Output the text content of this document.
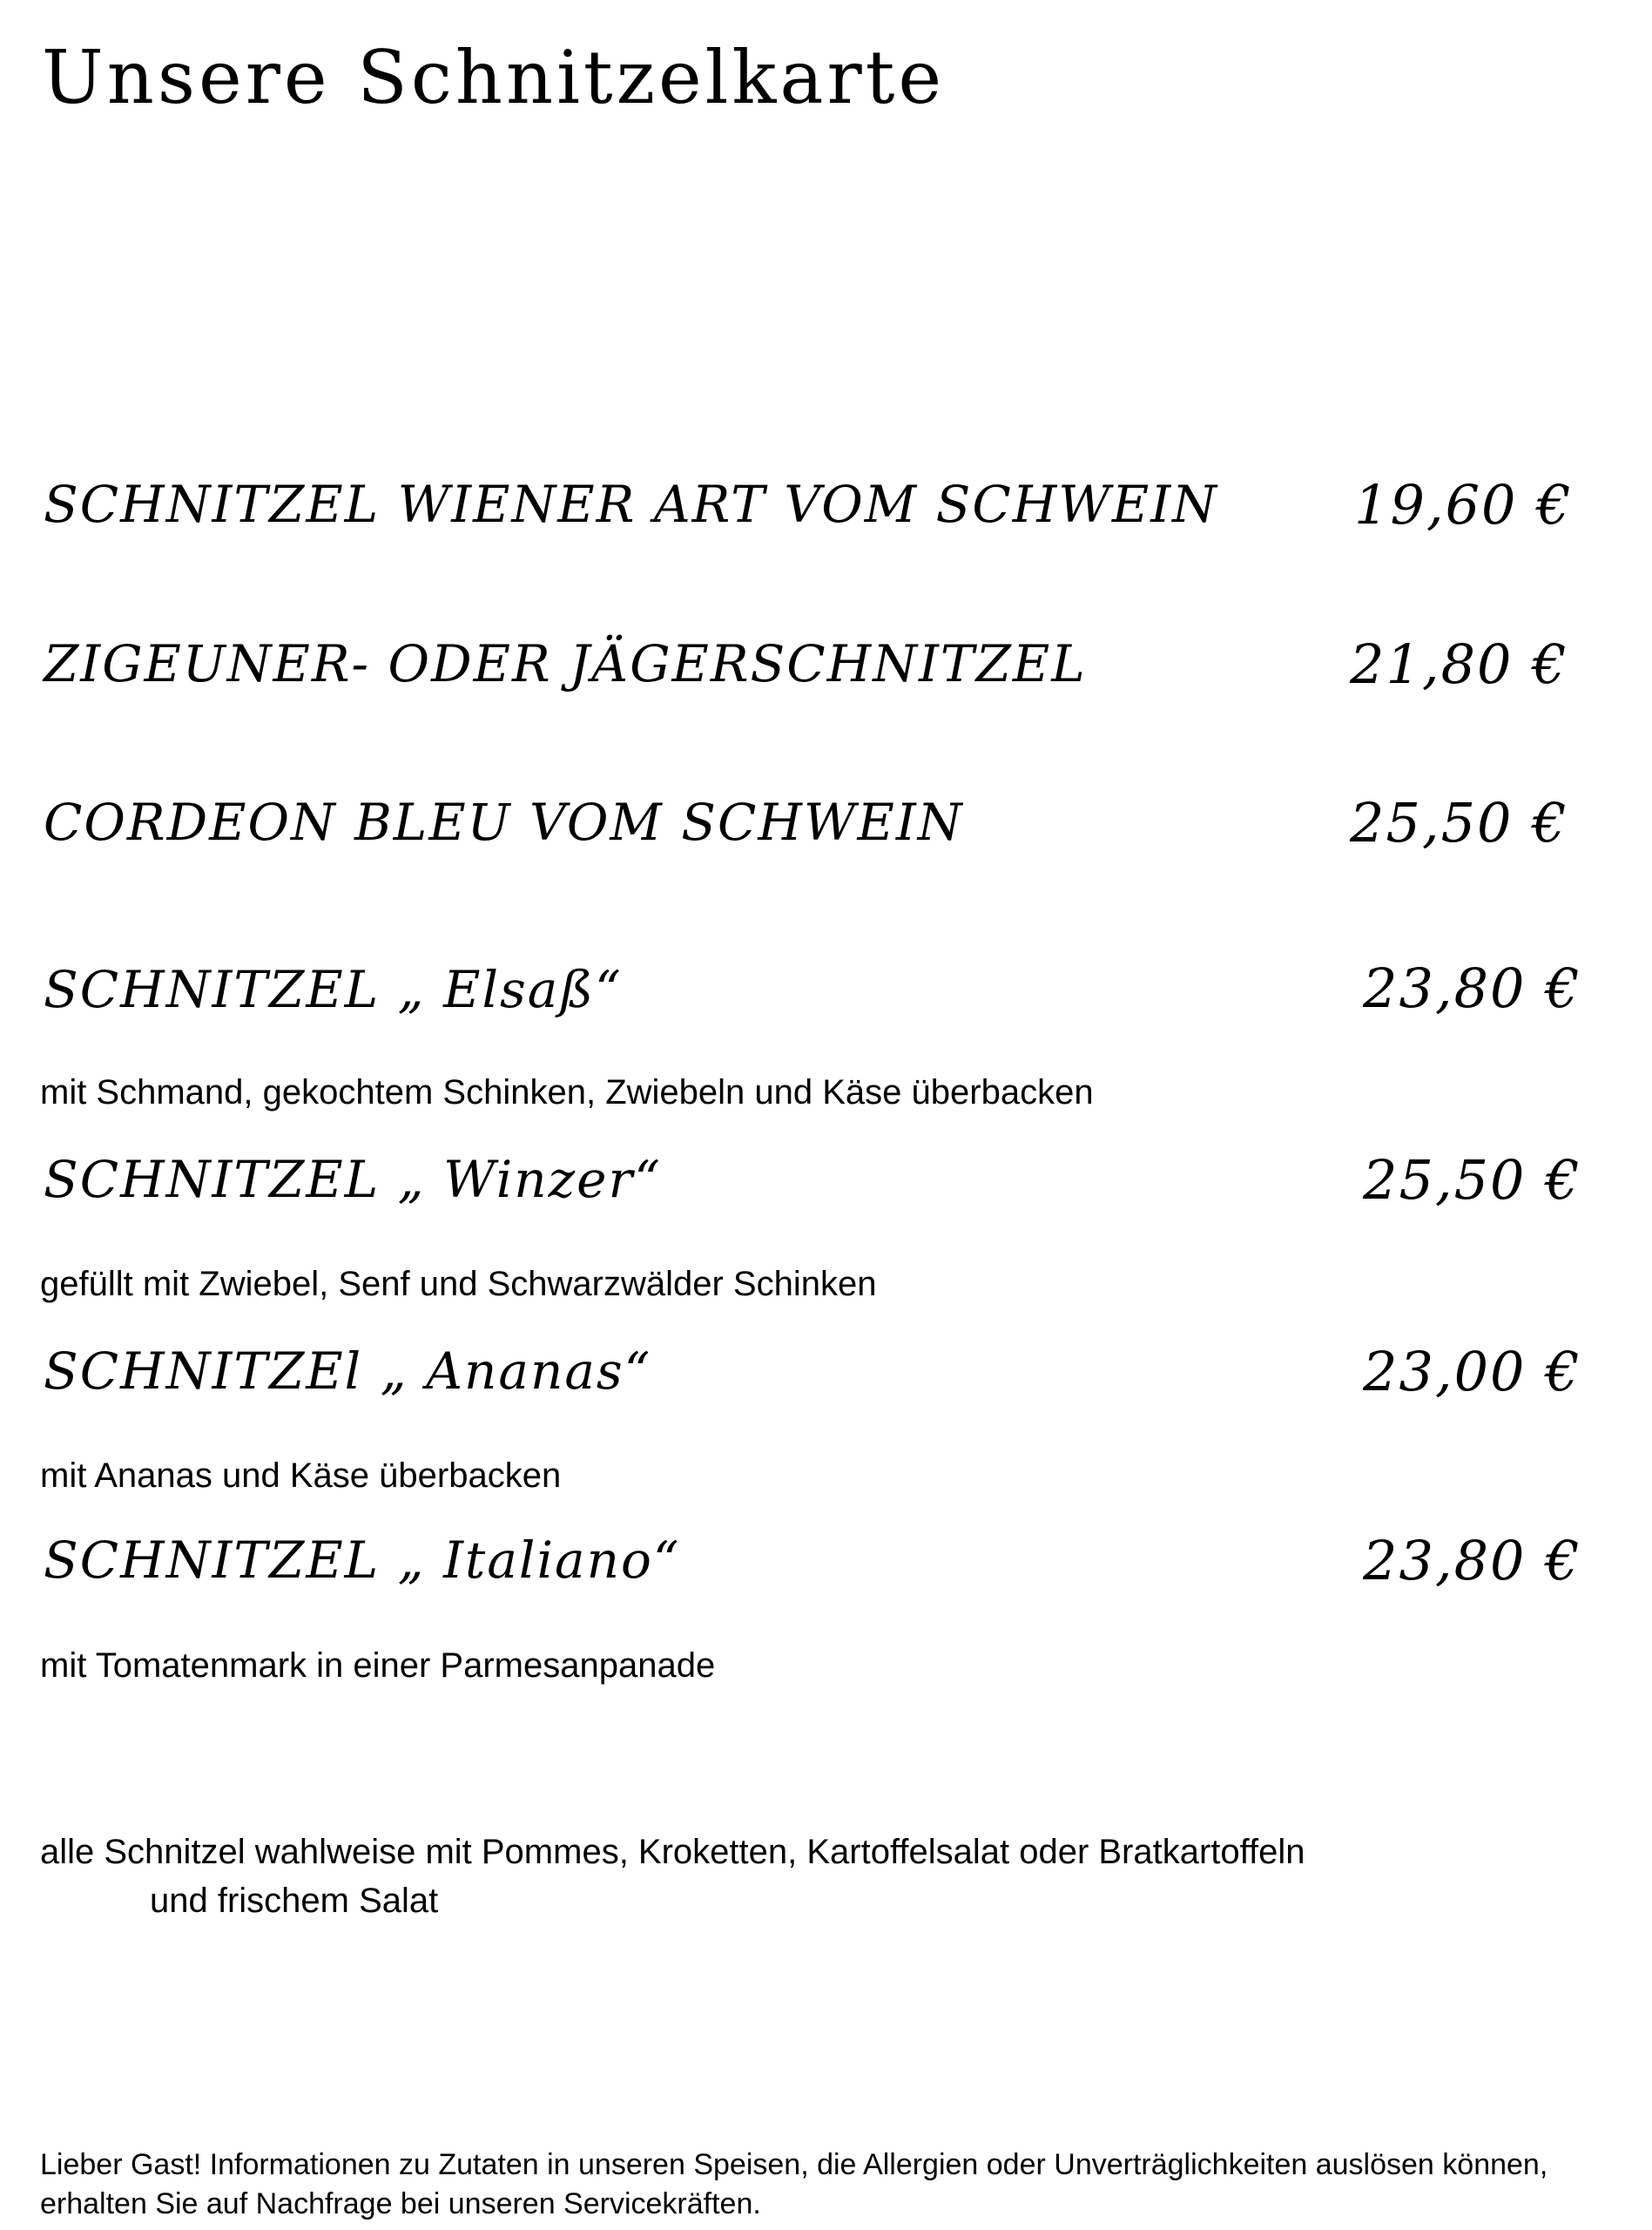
Unsere Schnitzelkarte
SCHNITZEL WIENER ART VOM SCHWEIN	19,60 €
ZIGEUNER- ODER JÄGERSCHNITZEL	21,80 €
CORDEON BLEU VOM SCHWEIN	25,50 €
SCHNITZEL „ Elsaß“	23,80 €
mit Schmand, gekochtem Schinken, Zwiebeln und Käse überbacken
SCHNITZEL „ Winzer“	25,50 €
gefüllt mit Zwiebel, Senf und Schwarzwälder Schinken
SCHNITZEl „ Ananas“	23,00 €
mit Ananas und Käse überbacken
SCHNITZEL „ Italiano“	23,80 €
mit Tomatenmark in einer Parmesanpanade
alle Schnitzel wahlweise mit Pommes, Kroketten, Kartoffelsalat oder Bratkartoffeln
und frischem Salat
Lieber Gast! Informationen zu Zutaten in unseren Speisen, die Allergien oder Unverträglichkeiten auslösen können, erhalten Sie auf Nachfrage bei unseren Servicekräften.
